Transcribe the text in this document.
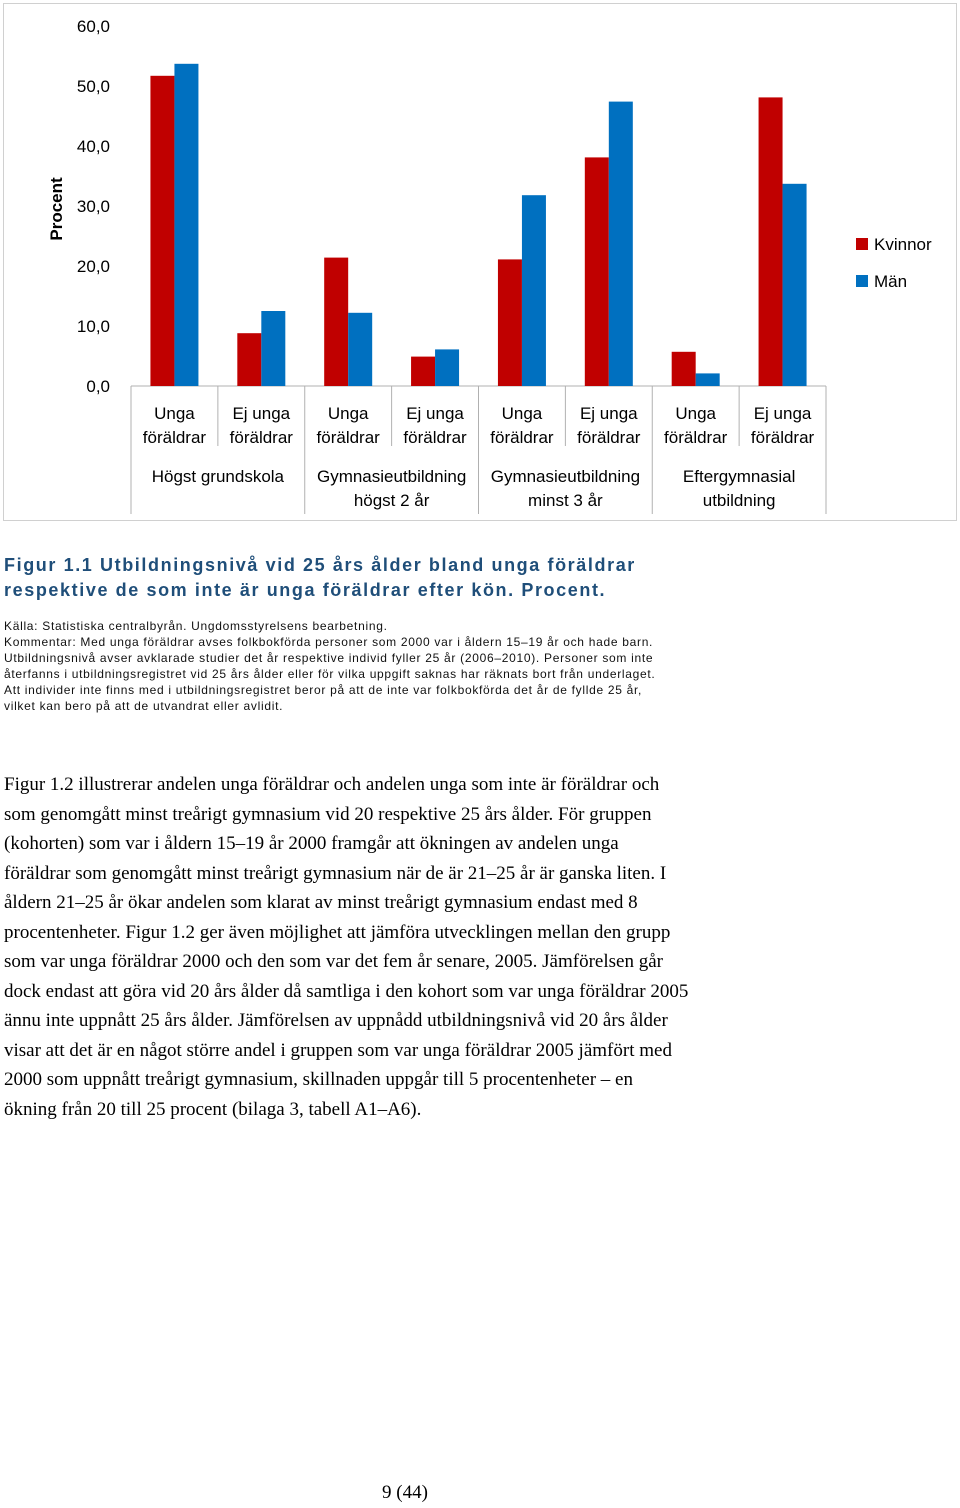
0,0
10,0
20,0
30,0
40,0
50,0
60,0
Unga
föräldrar
Ej unga
föräldrar
Högst grundskola
Unga
föräldrar
Ej unga
föräldrar
Gymnasieutbildning
högst 2 år
Unga
föräldrar
Ej unga
föräldrar
Gymnasieutbildning
minst 3 år
Unga
föräldrar
Ej unga
föräldrar
Eftergymnasial
utbildning
Procent
Kvinnor
Män
Figur 1.1 Utbildningsnivå vid 25 års ålder bland unga föräldrar
respektive de som inte är unga föräldrar efter kön. Procent.
Källa: Statistiska centralbyrån. Ungdomsstyrelsens bearbetning.
Kommentar: Med unga föräldrar avses folkbokförda personer som 2000 var i åldern 15–19 år och hade barn.
Utbildningsnivå avser avklarade studier det år respektive individ fyller 25 år (2006–2010). Personer som inte
återfanns i utbildningsregistret vid 25 års ålder eller för vilka uppgift saknas har räknats bort från underlaget.
Att individer inte finns med i utbildningsregistret beror på att de inte var folkbokförda det år de fyllde 25 år,
vilket kan bero på att de utvandrat eller avlidit.
Figur 1.2 illustrerar andelen unga föräldrar och andelen unga som inte är föräldrar och
som genomgått minst treårigt gymnasium vid 20 respektive 25 års ålder. För gruppen
(kohorten) som var i åldern 15–19 år 2000 framgår att ökningen av andelen unga
föräldrar som genomgått minst treårigt gymnasium när de är 21–25 år är ganska liten. I
åldern 21–25 år ökar andelen som klarat av minst treårigt gymnasium endast med 8
procentenheter. Figur 1.2 ger även möjlighet att jämföra utvecklingen mellan den grupp
som var unga föräldrar 2000 och den som var det fem år senare, 2005. Jämförelsen går
dock endast att göra vid 20 års ålder då samtliga i den kohort som var unga föräldrar 2005
ännu inte uppnått 25 års ålder. Jämförelsen av uppnådd utbildningsnivå vid 20 års ålder
visar att det är en något större andel i gruppen som var unga föräldrar 2005 jämfört med
2000 som uppnått treårigt gymnasium, skillnaden uppgår till 5 procentenheter – en
ökning från 20 till 25 procent (bilaga 3, tabell A1–A6).
9 (44)
